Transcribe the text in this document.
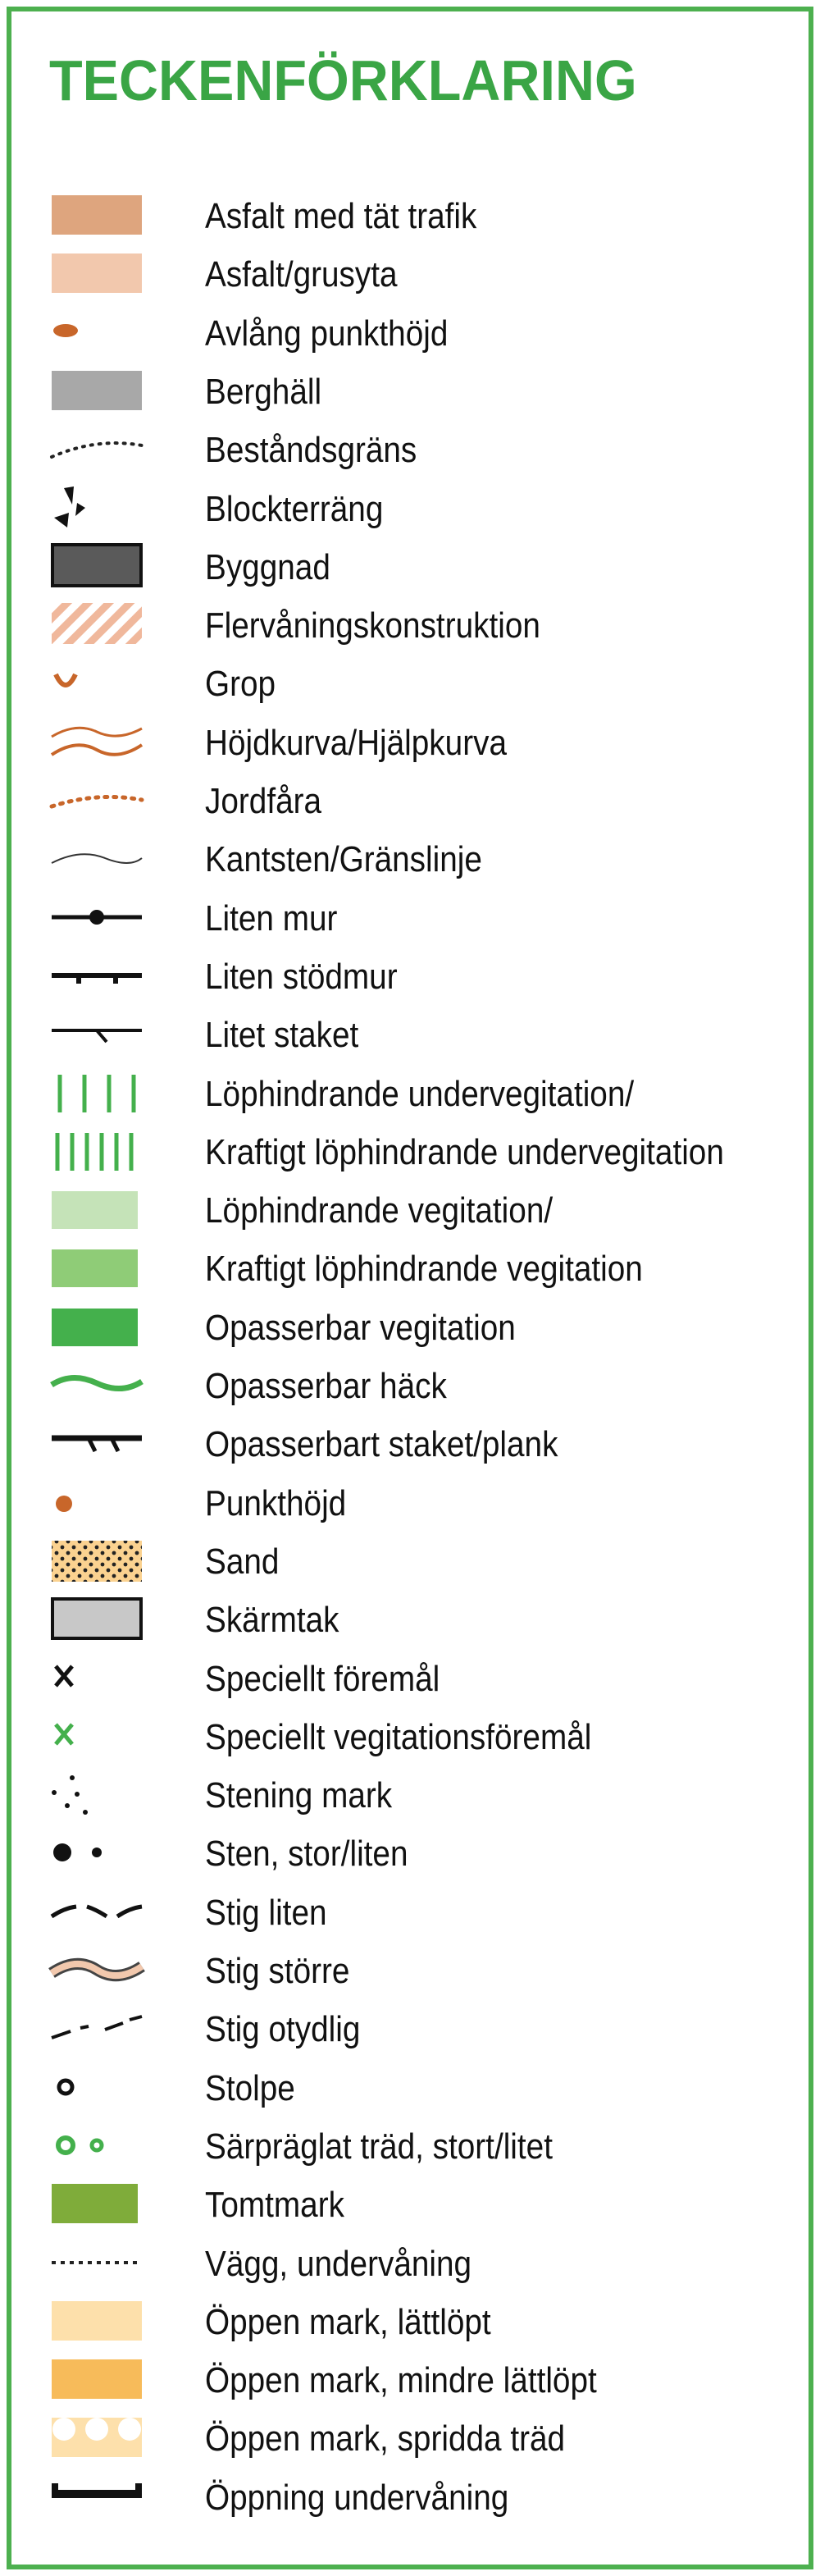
TECKENFÖRKLARING
Asfalt med tät trafik
Asfalt/grusyta
Avlång punkthöjd
Berghäll
Beståndsgräns
Blockterräng
Byggnad
Flervåningskonstruktion
Grop
Höjdkurva/Hjälpkurva
Jordfåra
Kantsten/Gränslinje
Liten mur
Liten stödmur
Litet staket
Löphindrande undervegitation/
Kraftigt löphindrande undervegitation
Löphindrande vegitation/
Kraftigt löphindrande vegitation
Opasserbar vegitation
Opasserbar häck
Opasserbart staket/plank
Punkthöjd
Sand
Skärmtak
Speciellt föremål
Speciellt vegitationsföremål
Stening mark
Sten, stor/liten
Stig liten
Stig större
Stig otydlig
Stolpe
Särpräglat träd, stort/litet
Tomtmark
Vägg, undervåning
Öppen mark, lättlöpt
Öppen mark, mindre lättlöpt
Öppen mark, spridda träd
Öppning undervåning
